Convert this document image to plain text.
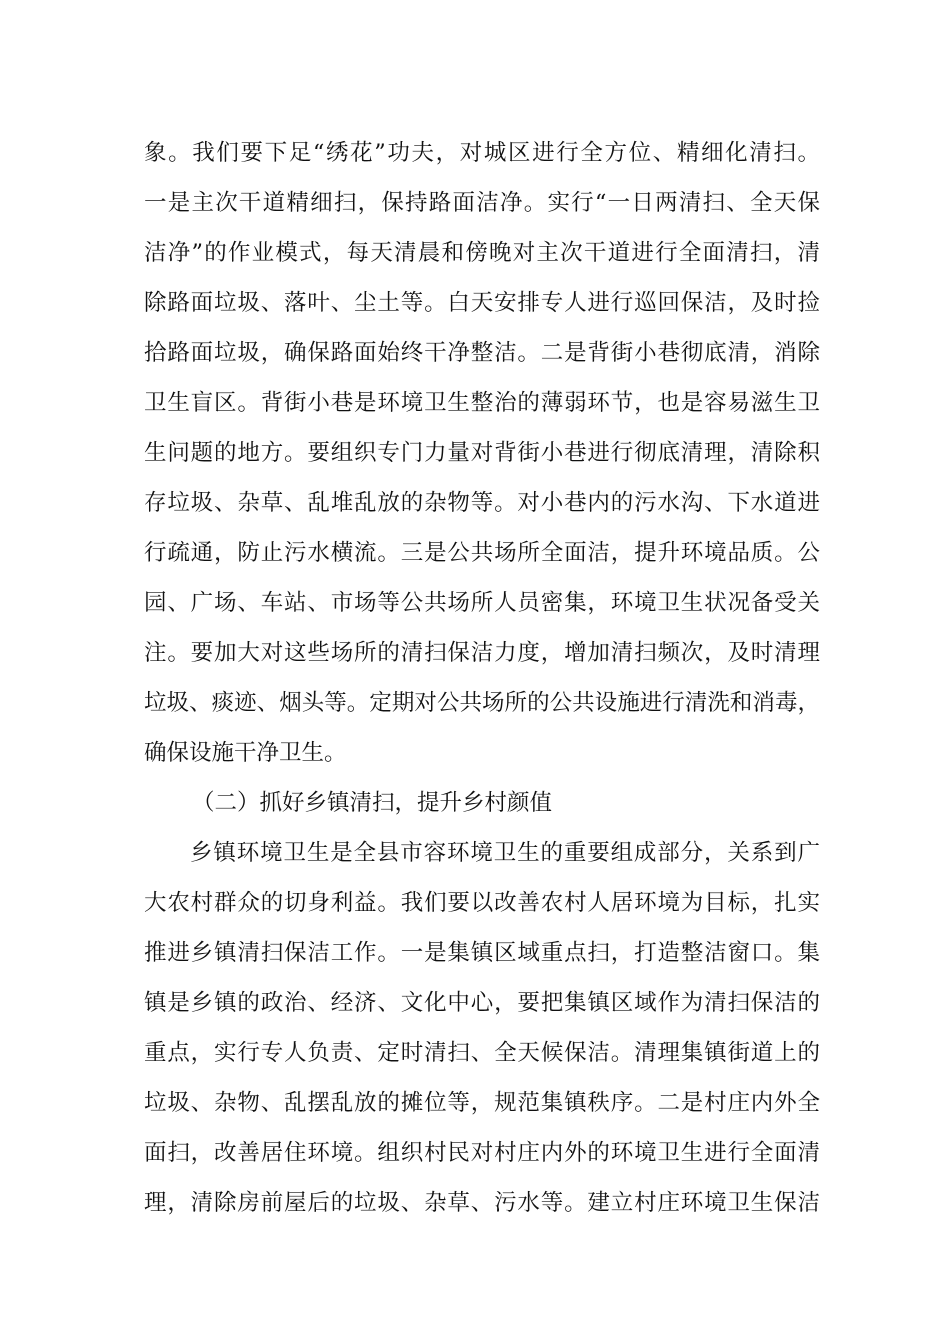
象。我们要下足“绣花”功夫，对城区进行全方位、精细化清扫。
一是主次干道精细扫，保持路面洁净。实行“一日两清扫、全天保
洁净”的作业模式，每天清晨和傍晚对主次干道进行全面清扫，清
除路面垃圾、落叶、尘土等。白天安排专人进行巡回保洁，及时捡
拾路面垃圾，确保路面始终干净整洁。二是背街小巷彻底清，消除
卫生盲区。背街小巷是环境卫生整治的薄弱环节，也是容易滋生卫
生问题的地方。要组织专门力量对背街小巷进行彻底清理，清除积
存垃圾、杂草、乱堆乱放的杂物等。对小巷内的污水沟、下水道进
行疏通，防止污水横流。三是公共场所全面洁，提升环境品质。公
园、广场、车站、市场等公共场所人员密集，环境卫生状况备受关
注。要加大对这些场所的清扫保洁力度，增加清扫频次，及时清理
垃圾、痰迹、烟头等。定期对公共场所的公共设施进行清洗和消毒，
确保设施干净卫生。
（二）抓好乡镇清扫，提升乡村颜值
乡镇环境卫生是全县市容环境卫生的重要组成部分，关系到广
大农村群众的切身利益。我们要以改善农村人居环境为目标，扎实
推进乡镇清扫保洁工作。一是集镇区域重点扫，打造整洁窗口。集
镇是乡镇的政治、经济、文化中心，要把集镇区域作为清扫保洁的
重点，实行专人负责、定时清扫、全天候保洁。清理集镇街道上的
垃圾、杂物、乱摆乱放的摊位等，规范集镇秩序。二是村庄内外全
面扫，改善居住环境。组织村民对村庄内外的环境卫生进行全面清
理，清除房前屋后的垃圾、杂草、污水等。建立村庄环境卫生保洁
